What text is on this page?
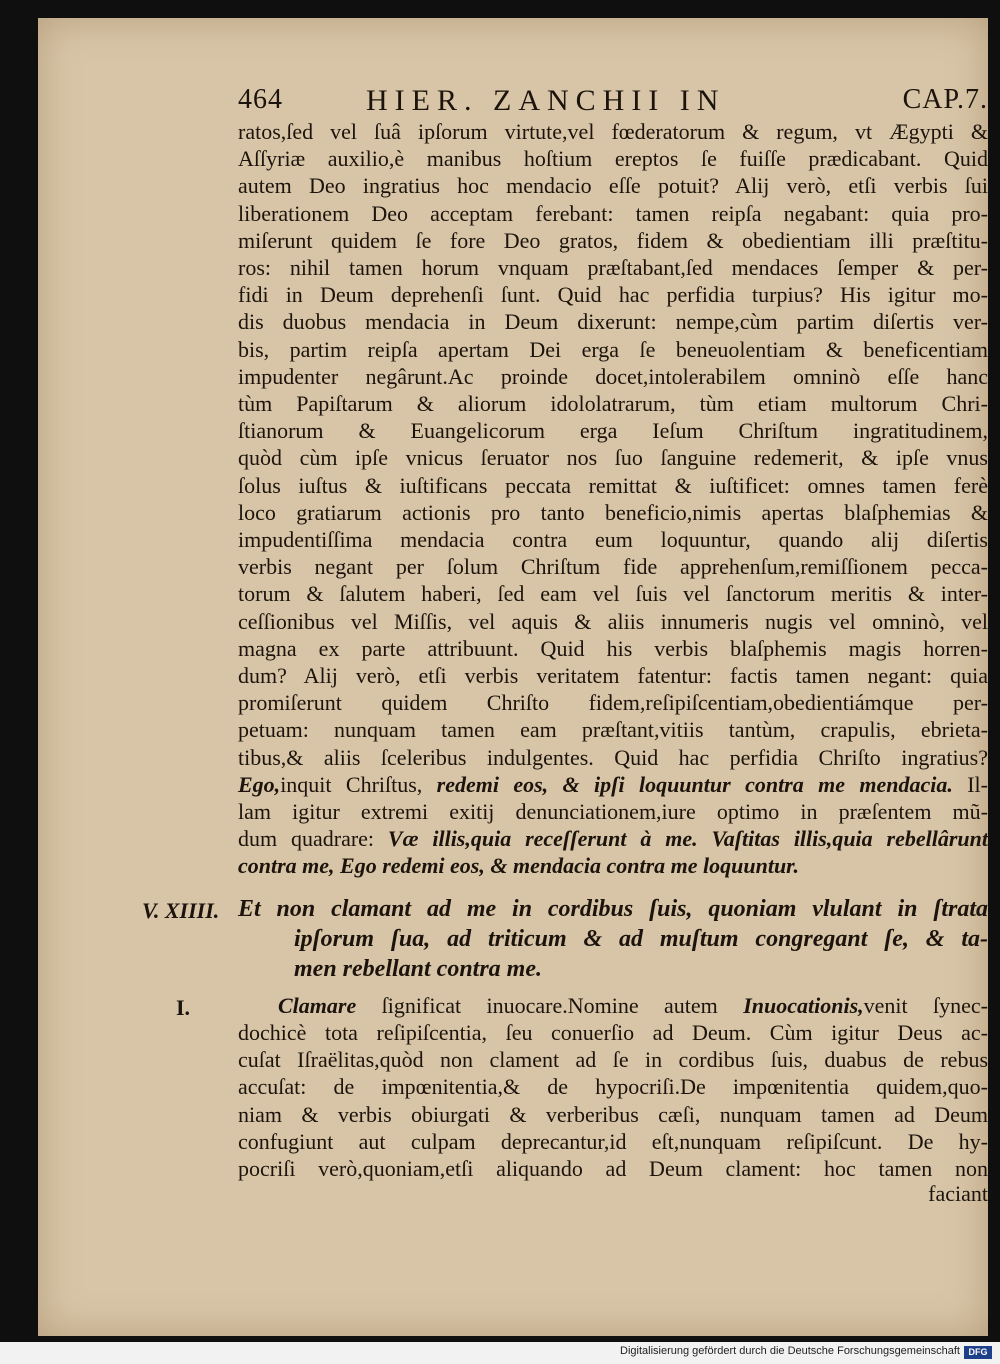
464	HIER. ZANCHII IN	CAP.7.
ratos,ſed vel ſuâ ipſorum virtute,vel fœderatorum & regum, vt Ægypti &
Aſſyriæ auxilio,è manibus hoſtium ereptos ſe fuiſſe prædicabant. Quid
autem Deo ingratius hoc mendacio eſſe potuit? Alij verò, etſi verbis ſui
liberationem Deo acceptam ferebant: tamen reipſa negabant: quia pro-
miſerunt quidem ſe fore Deo gratos, fidem & obedientiam illi præſtitu-
ros: nihil tamen horum vnquam præſtabant,ſed mendaces ſemper & per-
fidi in Deum deprehenſi ſunt. Quid hac perfidia turpius? His igitur mo-
dis duobus mendacia in Deum dixerunt: nempe,cùm partim diſertis ver-
bis, partim reipſa apertam Dei erga ſe beneuolentiam & beneficentiam
impudenter negârunt.Ac proinde docet,intolerabilem omninò eſſe hanc
tùm Papiſtarum & aliorum idololatrarum, tùm etiam multorum Chri-
ſtianorum & Euangelicorum erga Ieſum Chriſtum ingratitudinem,
quòd cùm ipſe vnicus ſeruator nos ſuo ſanguine redemerit, & ipſe vnus
ſolus iuſtus & iuſtificans peccata remittat & iuſtificet: omnes tamen ferè
loco gratiarum actionis pro tanto beneficio,nimis apertas blaſphemias &
impudentiſſima mendacia contra eum loquuntur, quando alij diſertis
verbis negant per ſolum Chriſtum fide apprehenſum,remiſſionem pecca-
torum & ſalutem haberi, ſed eam vel ſuis vel ſanctorum meritis & inter-
ceſſionibus vel Miſſis, vel aquis & aliis innumeris nugis vel omninò, vel
magna ex parte attribuunt. Quid his verbis blaſphemis magis horren-
dum? Alij verò, etſi verbis veritatem fatentur: factis tamen negant: quia
promiſerunt quidem Chriſto fidem,reſipiſcentiam,obedientiámque per-
petuam: nunquam tamen eam præſtant,vitiis tantùm, crapulis, ebrieta-
tibus,& aliis ſceleribus indulgentes. Quid hac perfidia Chriſto ingratius?
Ego,inquit Chriſtus, redemi eos, & ipſi loquuntur contra me mendacia. Il-
lam igitur extremi exitij denunciationem,iure optimo in præſentem mũ-
dum quadrare: Væ illis,quia receſſerunt à me. Vaſtitas illis,quia rebellârunt
contra me, Ego redemi eos, & mendacia contra me loquuntur.
V. XIIII. Et non clamant ad me in cordibus ſuis, quoniam vlulant in ſtrata
ipſorum ſua, ad triticum & ad muſtum congregant ſe, & ta-
men rebellant contra me.
I.	Clamare ſignificat inuocare.Nomine autem Inuocationis,venit ſynec-
dochicè tota reſipiſcentia, ſeu conuerſio ad Deum. Cùm igitur Deus ac-
cuſat Iſraëlitas,quòd non clament ad ſe in cordibus ſuis, duabus de rebus
accuſat: de impœnitentia,& de hypocriſi.De impœnitentia quidem,quo-
niam & verbis obiurgati & verberibus cæſi, nunquam tamen ad Deum
confugiunt aut culpam deprecantur,id eſt,nunquam reſipiſcunt. De hy-
pocriſi verò,quoniam,etſi aliquando ad Deum clament: hoc tamen non
faciant
Digitalisierung gefördert durch die Deutsche Forschungsgemeinschaft DFG
